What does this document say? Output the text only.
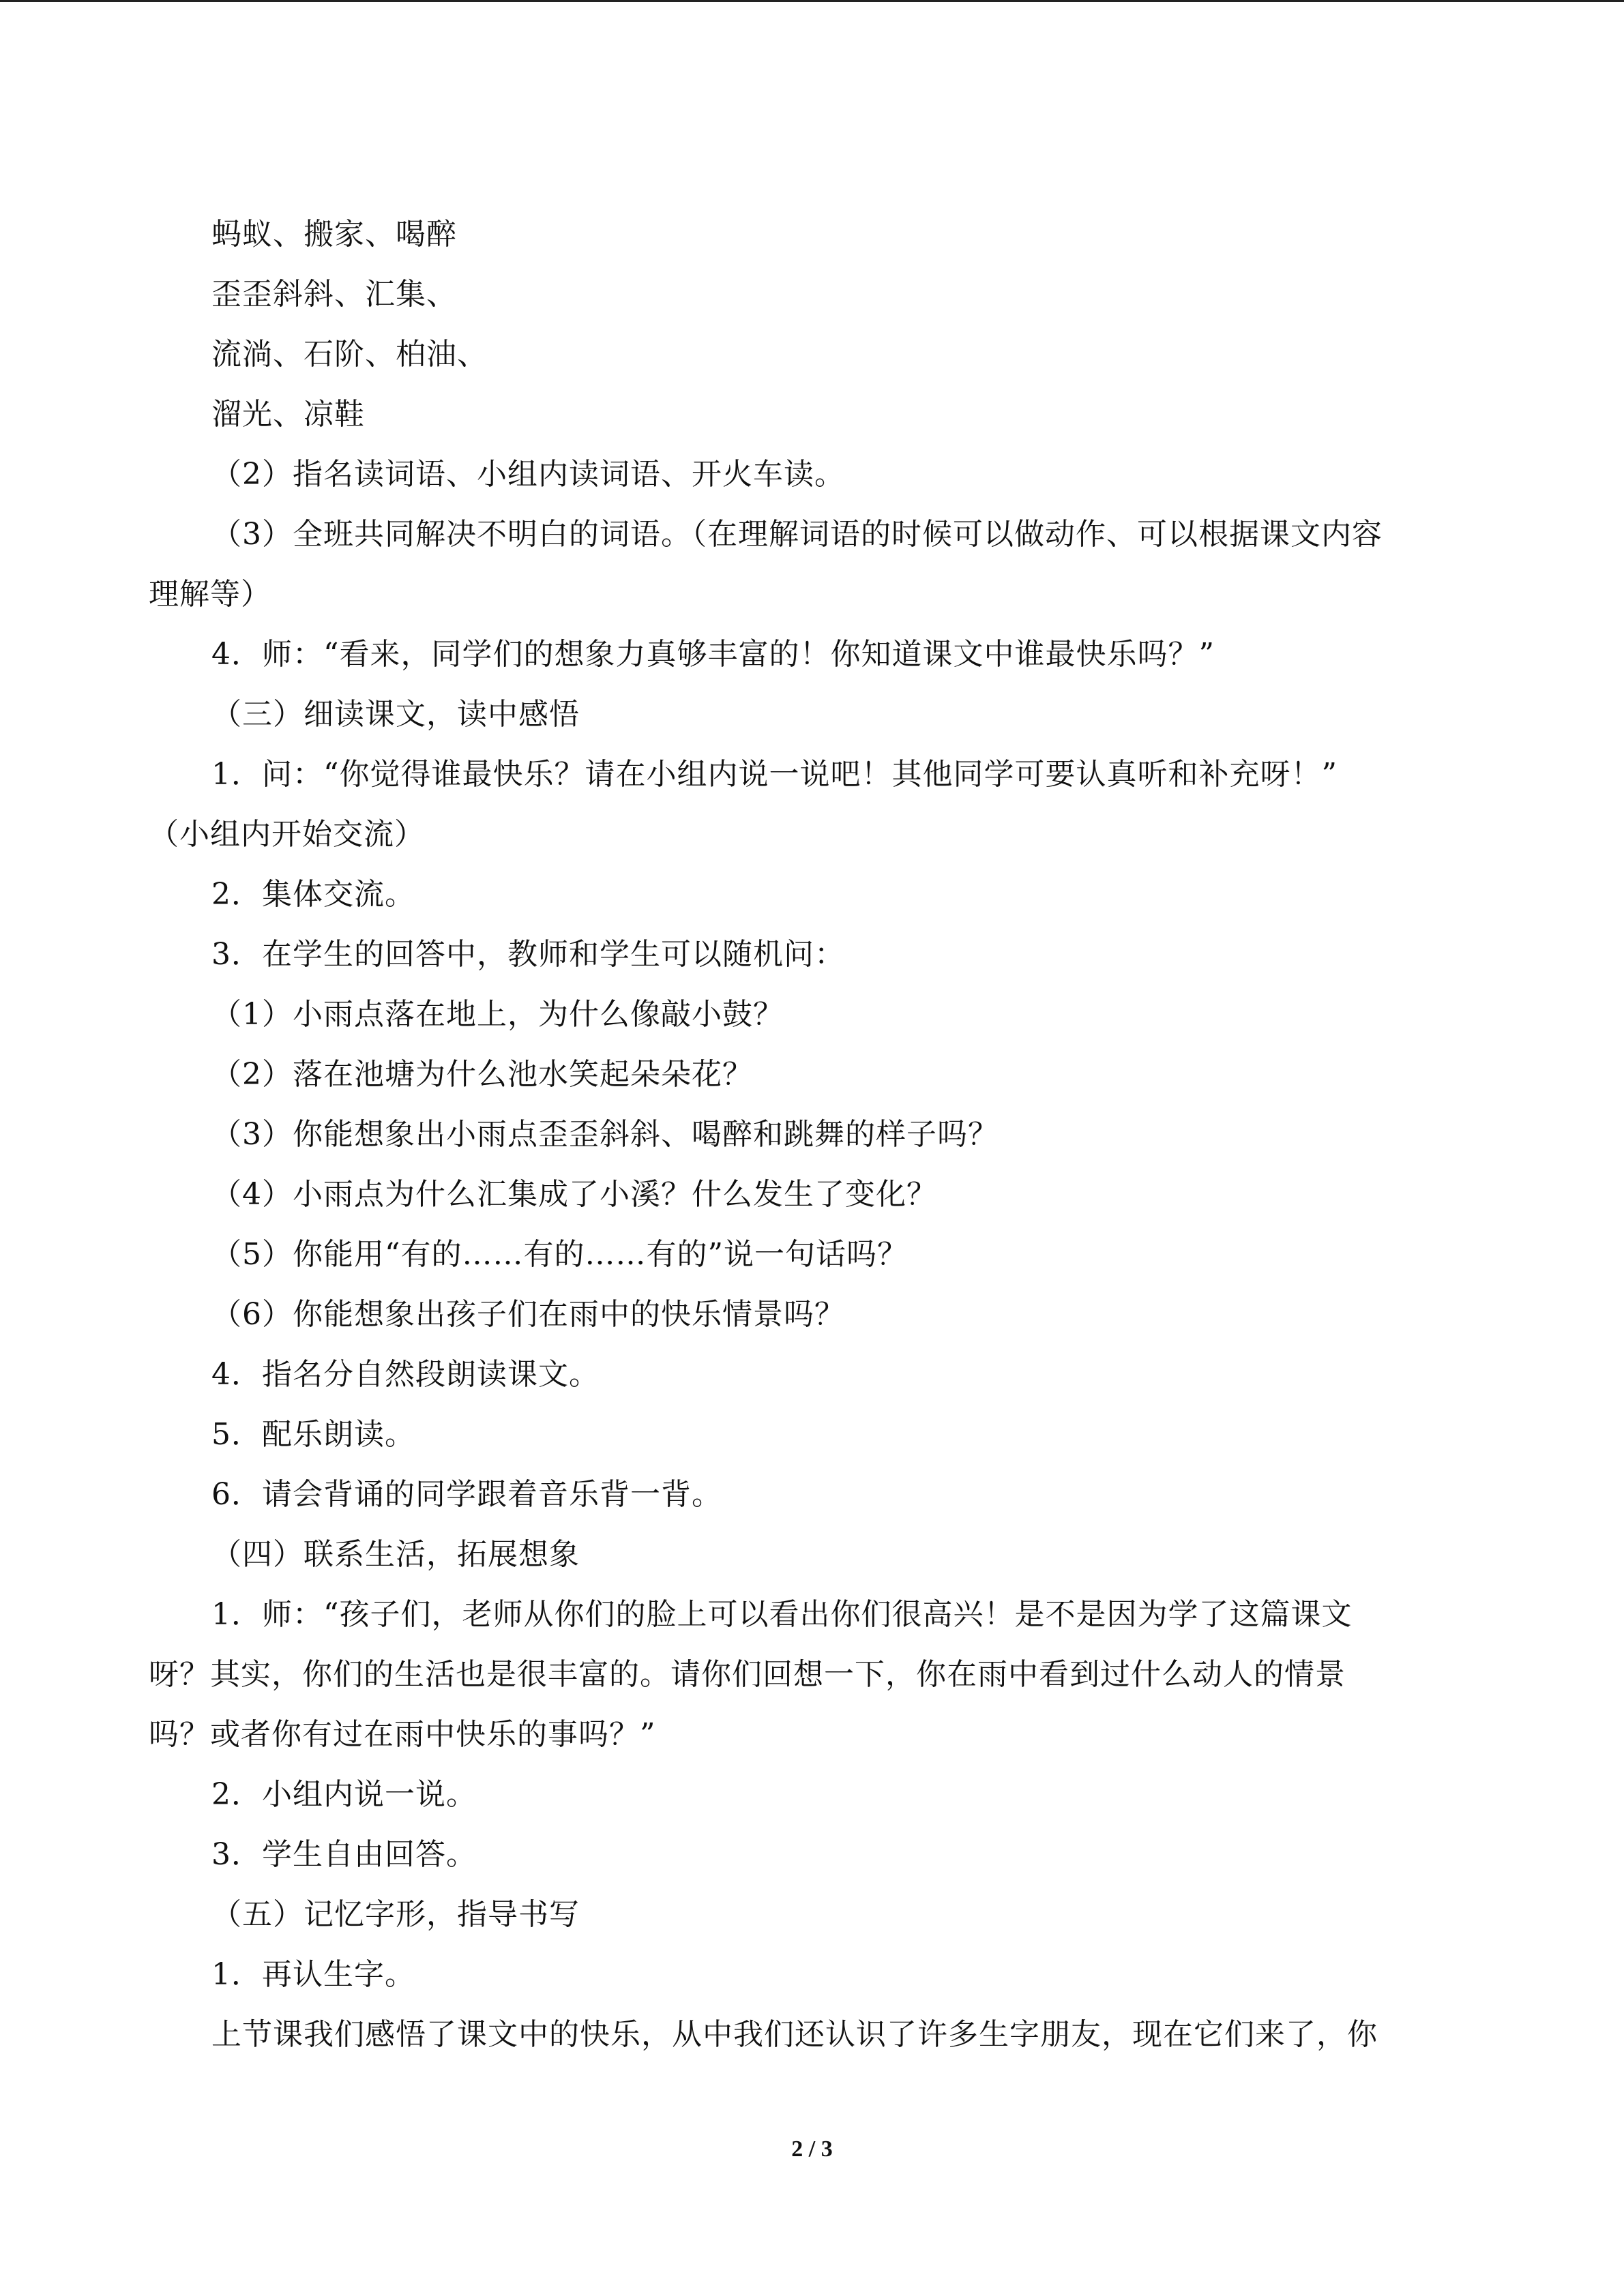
蚂蚁、搬家、喝醉
歪歪斜斜、汇集、
流淌、石阶、柏油、
溜光、凉鞋
（2）指名读词语、小组内读词语、开火车读。
（3）全班共同解决不明白的词语。（在理解词语的时候可以做动作、可以根据课文内容
理解等）
4．师：“看来，同学们的想象力真够丰富的！你知道课文中谁最快乐吗？”
（三）细读课文，读中感悟
1．问：“你觉得谁最快乐？请在小组内说一说吧！其他同学可要认真听和补充呀！”
（小组内开始交流）
2．集体交流。
3．在学生的回答中，教师和学生可以随机问：
（1）小雨点落在地上，为什么像敲小鼓？
（2）落在池塘为什么池水笑起朵朵花？
（3）你能想象出小雨点歪歪斜斜、喝醉和跳舞的样子吗？
（4）小雨点为什么汇集成了小溪？什么发生了变化？
（5）你能用“有的……有的……有的”说一句话吗？
（6）你能想象出孩子们在雨中的快乐情景吗？
4．指名分自然段朗读课文。
5．配乐朗读。
6．请会背诵的同学跟着音乐背一背。
（四）联系生活，拓展想象
1．师：“孩子们，老师从你们的脸上可以看出你们很高兴！是不是因为学了这篇课文
呀？其实，你们的生活也是很丰富的。请你们回想一下，你在雨中看到过什么动人的情景
吗？或者你有过在雨中快乐的事吗？”
2．小组内说一说。
3．学生自由回答。
（五）记忆字形，指导书写
1．再认生字。
上节课我们感悟了课文中的快乐，从中我们还认识了许多生字朋友，现在它们来了，你
2 / 3
